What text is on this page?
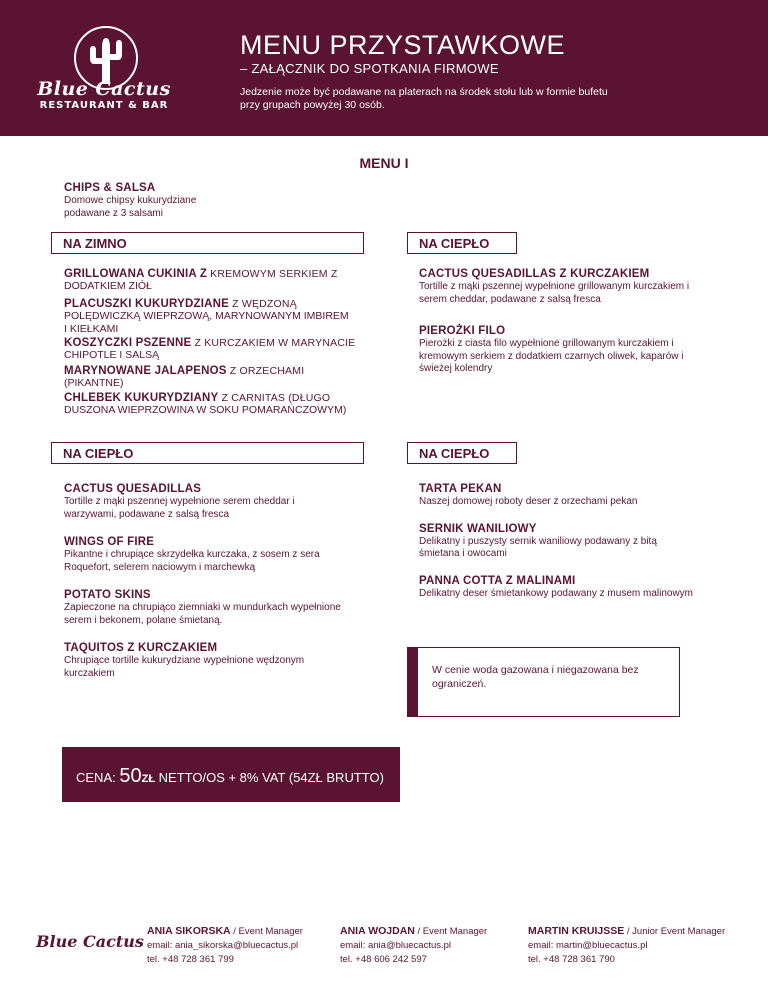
Blue Cactus
RESTAURANT & BAR
MENU PRZYSTAWKOWE
– ZAŁĄCZNIK DO SPOTKANIA FIRMOWE
Jedzenie może być podawane na platerach na środek stołu lub w formie bufetu
przy grupach powyżej 30 osób.
MENU I
CHIPS & SALSA
Domowe chipsy kukurydziane
podawane z 3 salsami
NA ZIMNO	NA CIEPŁO
NA CIEPŁO	NA CIEPŁO
GRILLOWANA CUKINIA Z KREMOWYM SERKIEM Z
DODATKIEM ZIÓŁ
PLACUSZKI KUKURYDZIANE Z WĘDZONĄ
POLĘDWICZKĄ WIEPRZOWĄ, MARYNOWANYM IMBIREM
I KIEŁKAMI
KOSZYCZKI PSZENNE Z KURCZAKIEM W MARYNACIE
CHIPOTLE I SALSĄ
MARYNOWANE JALAPENOS Z ORZECHAMI
(PIKANTNE)
CHLEBEK KUKURYDZIANY Z CARNITAS (DŁUGO
DUSZONA WIEPRZOWINA W SOKU POMARAŃCZOWYM)
CACTUS QUESADILLAS Z KURCZAKIEM
Tortille z mąki pszennej wypełnione grillowanym kurczakiem i
serem cheddar, podawane z salsą fresca
PIEROŻKI FILO
Pierożki z ciasta filo wypełnione grillowanym kurczakiem i
kremowym serkiem z dodatkiem czarnych oliwek, kaparów i
świeżej kolendry
CACTUS QUESADILLAS
Tortille z mąki pszennej wypełnione serem cheddar i
warzywami, podawane z salsą fresca
WINGS OF FIRE
Pikantne i chrupiące skrzydełka kurczaka, z sosem z sera
Roquefort, selerem naciowym i marchewką
POTATO SKINS
Zapieczone na chrupiąco ziemniaki w mundurkach wypełnione
serem i bekonem, polane śmietaną.
TAQUITOS Z KURCZAKIEM
Chrupiące tortille kukurydziane wypełnione wędzonym
kurczakiem
TARTA PEKAN
Naszej domowej roboty deser z orzechami pekan
SERNIK WANILIOWY
Delikatny i puszysty sernik waniliowy podawany z bitą
śmietana i owocami
PANNA COTTA Z MALINAMI
Delikatny deser śmietankowy podawany z musem malinowym
W cenie woda gazowana i niegazowana bez
ograniczeń.
CENA: 50ZŁ NETTO/OS + 8% VAT (54ZŁ BRUTTO)
Blue Cactus
ANIA SIKORSKA / Event Manager
email: ania_sikorska@bluecactus.pl
tel. +48 728 361 799
ANIA WOJDAN / Event Manager
email: ania@bluecactus.pl
tel. +48 606 242 597
MARTIN KRUIJSSE / Junior Event Manager
email: martin@bluecactus.pl
tel. +48 728 361 790
